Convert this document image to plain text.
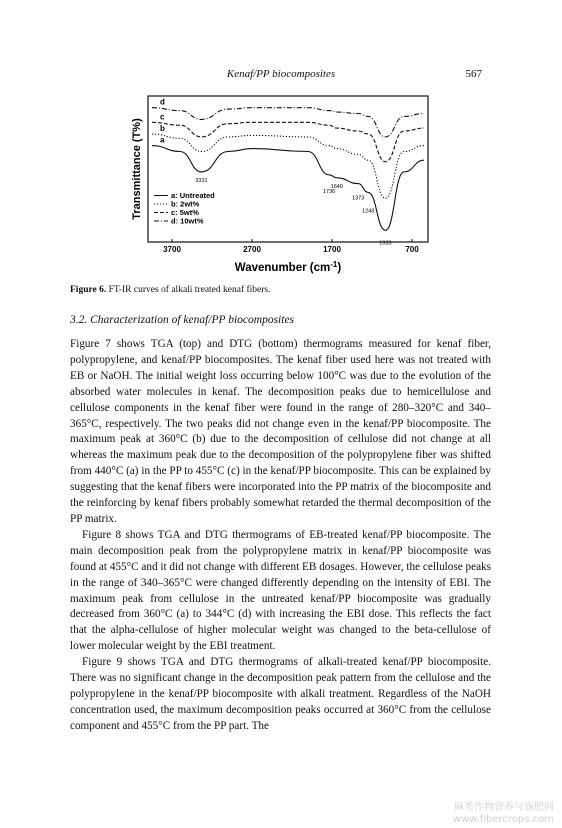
Kenaf/PP biocomposites	567
d
c
b
a
3331
1736
1640
1373
1248
1033
a: Untreated
b: 2wt%
c: 5wt%
d: 10wt%
3700	2700	1700	700
Transmittance (T%)
Wavenumber $(cm^{-1})$
Figure 6. FT-IR curves of alkali treated kenaf fibers.
3.2. Characterization of kenaf/PP biocomposites

Figure 7 shows TGA (top) and DTG (bottom) thermograms measured for kenaf fiber, polypropylene, and kenaf/PP biocomposites. The kenaf fiber used here was not treated with EB or NaOH. The initial weight loss occurring below 100°C was due to the evolution of the absorbed water molecules in kenaf. The decomposition peaks due to hemicellulose and cellulose components in the kenaf fiber were found in the range of 280–320°C and 340–365°C, respectively. The two peaks did not change even in the kenaf/PP biocomposite. The maximum peak at 360°C (b) due to the decomposition of cellulose did not change at all whereas the maximum peak due to the decomposition of the polypropylene fiber was shifted from 440°C (a) in the PP to 455°C (c) in the kenaf/PP biocomposite. This can be explained by suggesting that the kenaf fibers were incorporated into the PP matrix of the biocomposite and the reinforcing by kenaf fibers probably somewhat retarded the thermal decomposition of the PP matrix.

Figure 8 shows TGA and DTG thermograms of EB-treated kenaf/PP biocomposite. The main decomposition peak from the polypropylene matrix in kenaf/PP biocomposite was found at 455°C and it did not change with different EB dosages. However, the cellulose peaks in the range of 340–365°C were changed differently depending on the intensity of EBI. The maximum peak from cellulose in the untreated kenaf/PP biocomposite was gradually decreased from 360°C (a) to 344°C (d) with increasing the EBI dose. This reflects the fact that the alpha-cellulose of higher molecular weight was changed to the beta-cellulose of lower molecular weight by the EBI treatment.

Figure 9 shows TGA and DTG thermograms of alkali-treated kenaf/PP biocomposite. There was no significant change in the decomposition peak pattern from the cellulose and the polypropylene in the kenaf/PP biocomposite with alkali treatment. Regardless of the NaOH concentration used, the maximum decomposition peaks occurred at 360°C from the cellulose component and 455°C from the PP part. The

麻类作物营养与施肥网
www.fibercrops.com
